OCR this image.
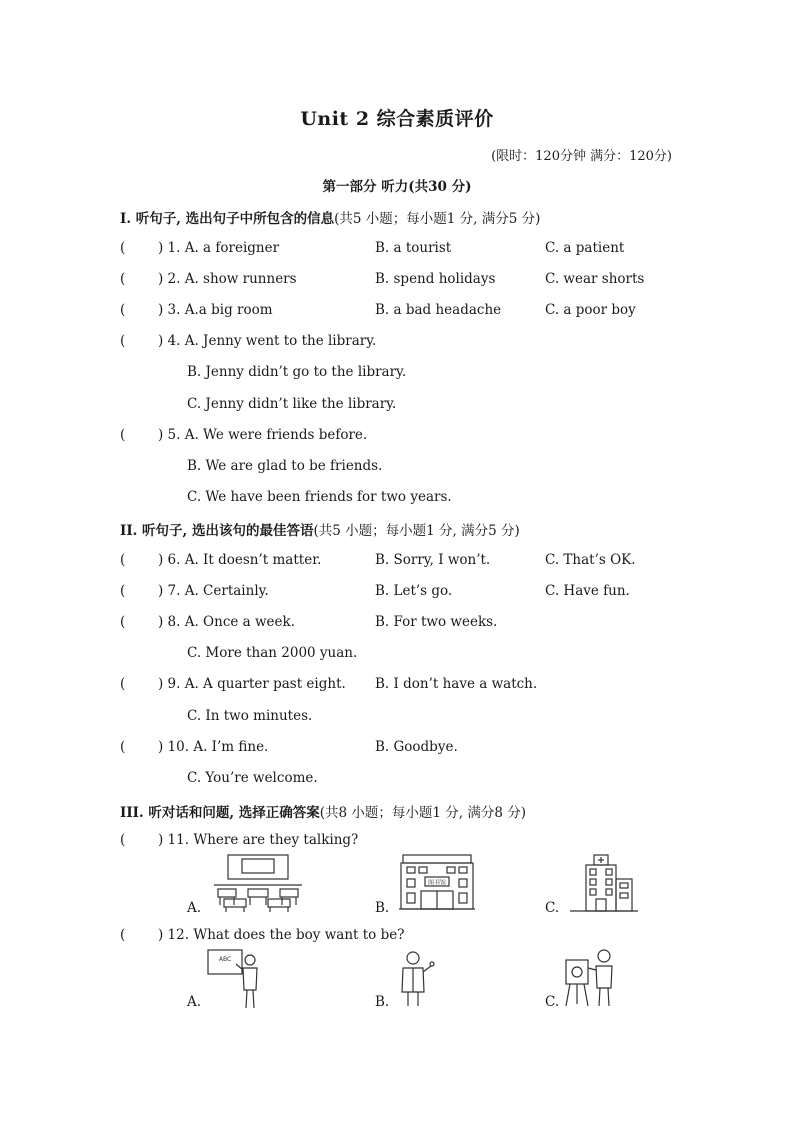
Unit 2 综合素质评价
(限时：120分钟 满分：120分)
第一部分 听力(共30 分)
I. 听句子, 选出句子中所包含的信息(共5 小题；每小题1 分, 满分5 分)
( ) 1. A. a foreigner	B. a tourist	C. a patient
( ) 2. A. show runners	B. spend holidays	C. wear shorts
( ) 3. A.a big room	B. a bad headache	C. a poor boy
( ) 4. A. Jenny went to the library.
B. Jenny didn’t go to the library.
C. Jenny didn’t like the library.
( ) 5. A. We were friends before.
B. We are glad to be friends.
C. We have been friends for two years.
II. 听句子, 选出该句的最佳答语(共5 小题；每小题1 分, 满分5 分)
( ) 6. A. It doesn’t matter.	B. Sorry, I won’t.	C. That’s OK.
( ) 7. A. Certainly.	B. Let’s go.	C. Have fun.
( ) 8. A. Once a week.	B. For two weeks.
C. More than 2000 yuan.
( ) 9. A. A quarter past eight. B. I don’t have a watch.
C. In two minutes.
( ) 10. A. I’m fine.	B. Goodbye.
C. You’re welcome.
III. 听对话和问题, 选择正确答案(共8 小题；每小题1 分, 满分8 分)
( ) 11. Where are they talking?
A.	B.
图书馆
C.
( ) 12. What does the boy want to be?
A.
ABC
B.	C.
